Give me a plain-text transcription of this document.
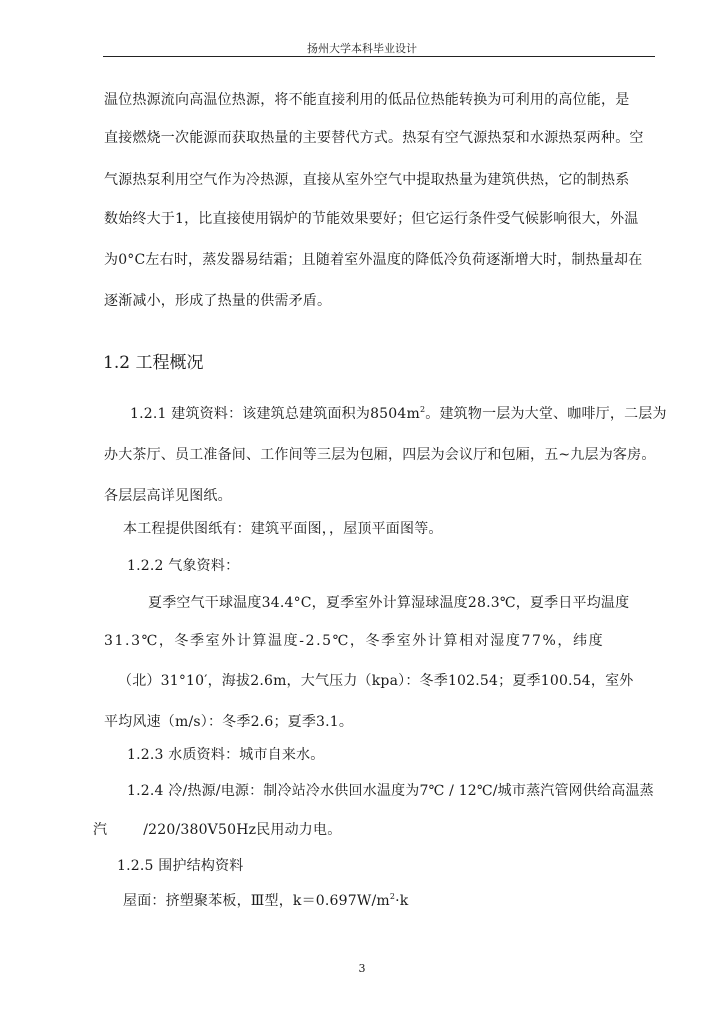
扬州大学本科毕业设计
温位热源流向高温位热源，将不能直接利用的低品位热能转换为可利用的高位能，是
直接燃烧一次能源而获取热量的主要替代方式。热泵有空气源热泵和水源热泵两种。空
气源热泵利用空气作为冷热源，直接从室外空气中提取热量为建筑供热，它的制热系
数始终大于1，比直接使用锅炉的节能效果要好；但它运行条件受气候影响很大，外温
为0°C左右时，蒸发器易结霜；且随着室外温度的降低冷负荷逐渐增大时，制热量却在
逐渐减小，形成了热量的供需矛盾。
1.2 工程概况
1.2.1 建筑资料：该建筑总建筑面积为$8504m^2$。建筑物一层为大堂、咖啡厅，二层为
办大茶厅、员工准备间、工作间等三层为包厢，四层为会议厅和包厢，五~九层为客房。
各层层高详见图纸。
本工程提供图纸有：建筑平面图，，屋顶平面图等。
1.2.2 气象资料：
夏季空气干球温度34.4°C，夏季室外计算湿球温度28.3℃，夏季日平均温度
31.3℃，冬季室外计算温度-2.5℃，冬季室外计算相对湿度77%，纬度
（北）31°10′，海拔2.6m，大气压力（kpa）：冬季102.54；夏季100.54，室外
平均风速（m/s）：冬季2.6；夏季3.1。
1.2.3 水质资料：城市自来水。
1.2.4 冷/热源/电源：制冷站冷水供回水温度为7℃ / 12℃/城市蒸汽管网供给高温蒸
汽	/220/380V50Hz民用动力电。
1.2.5 围护结构资料
屋面：挤塑聚苯板，Ⅲ型，$k=0.697W/m^2\cdot k$
3
